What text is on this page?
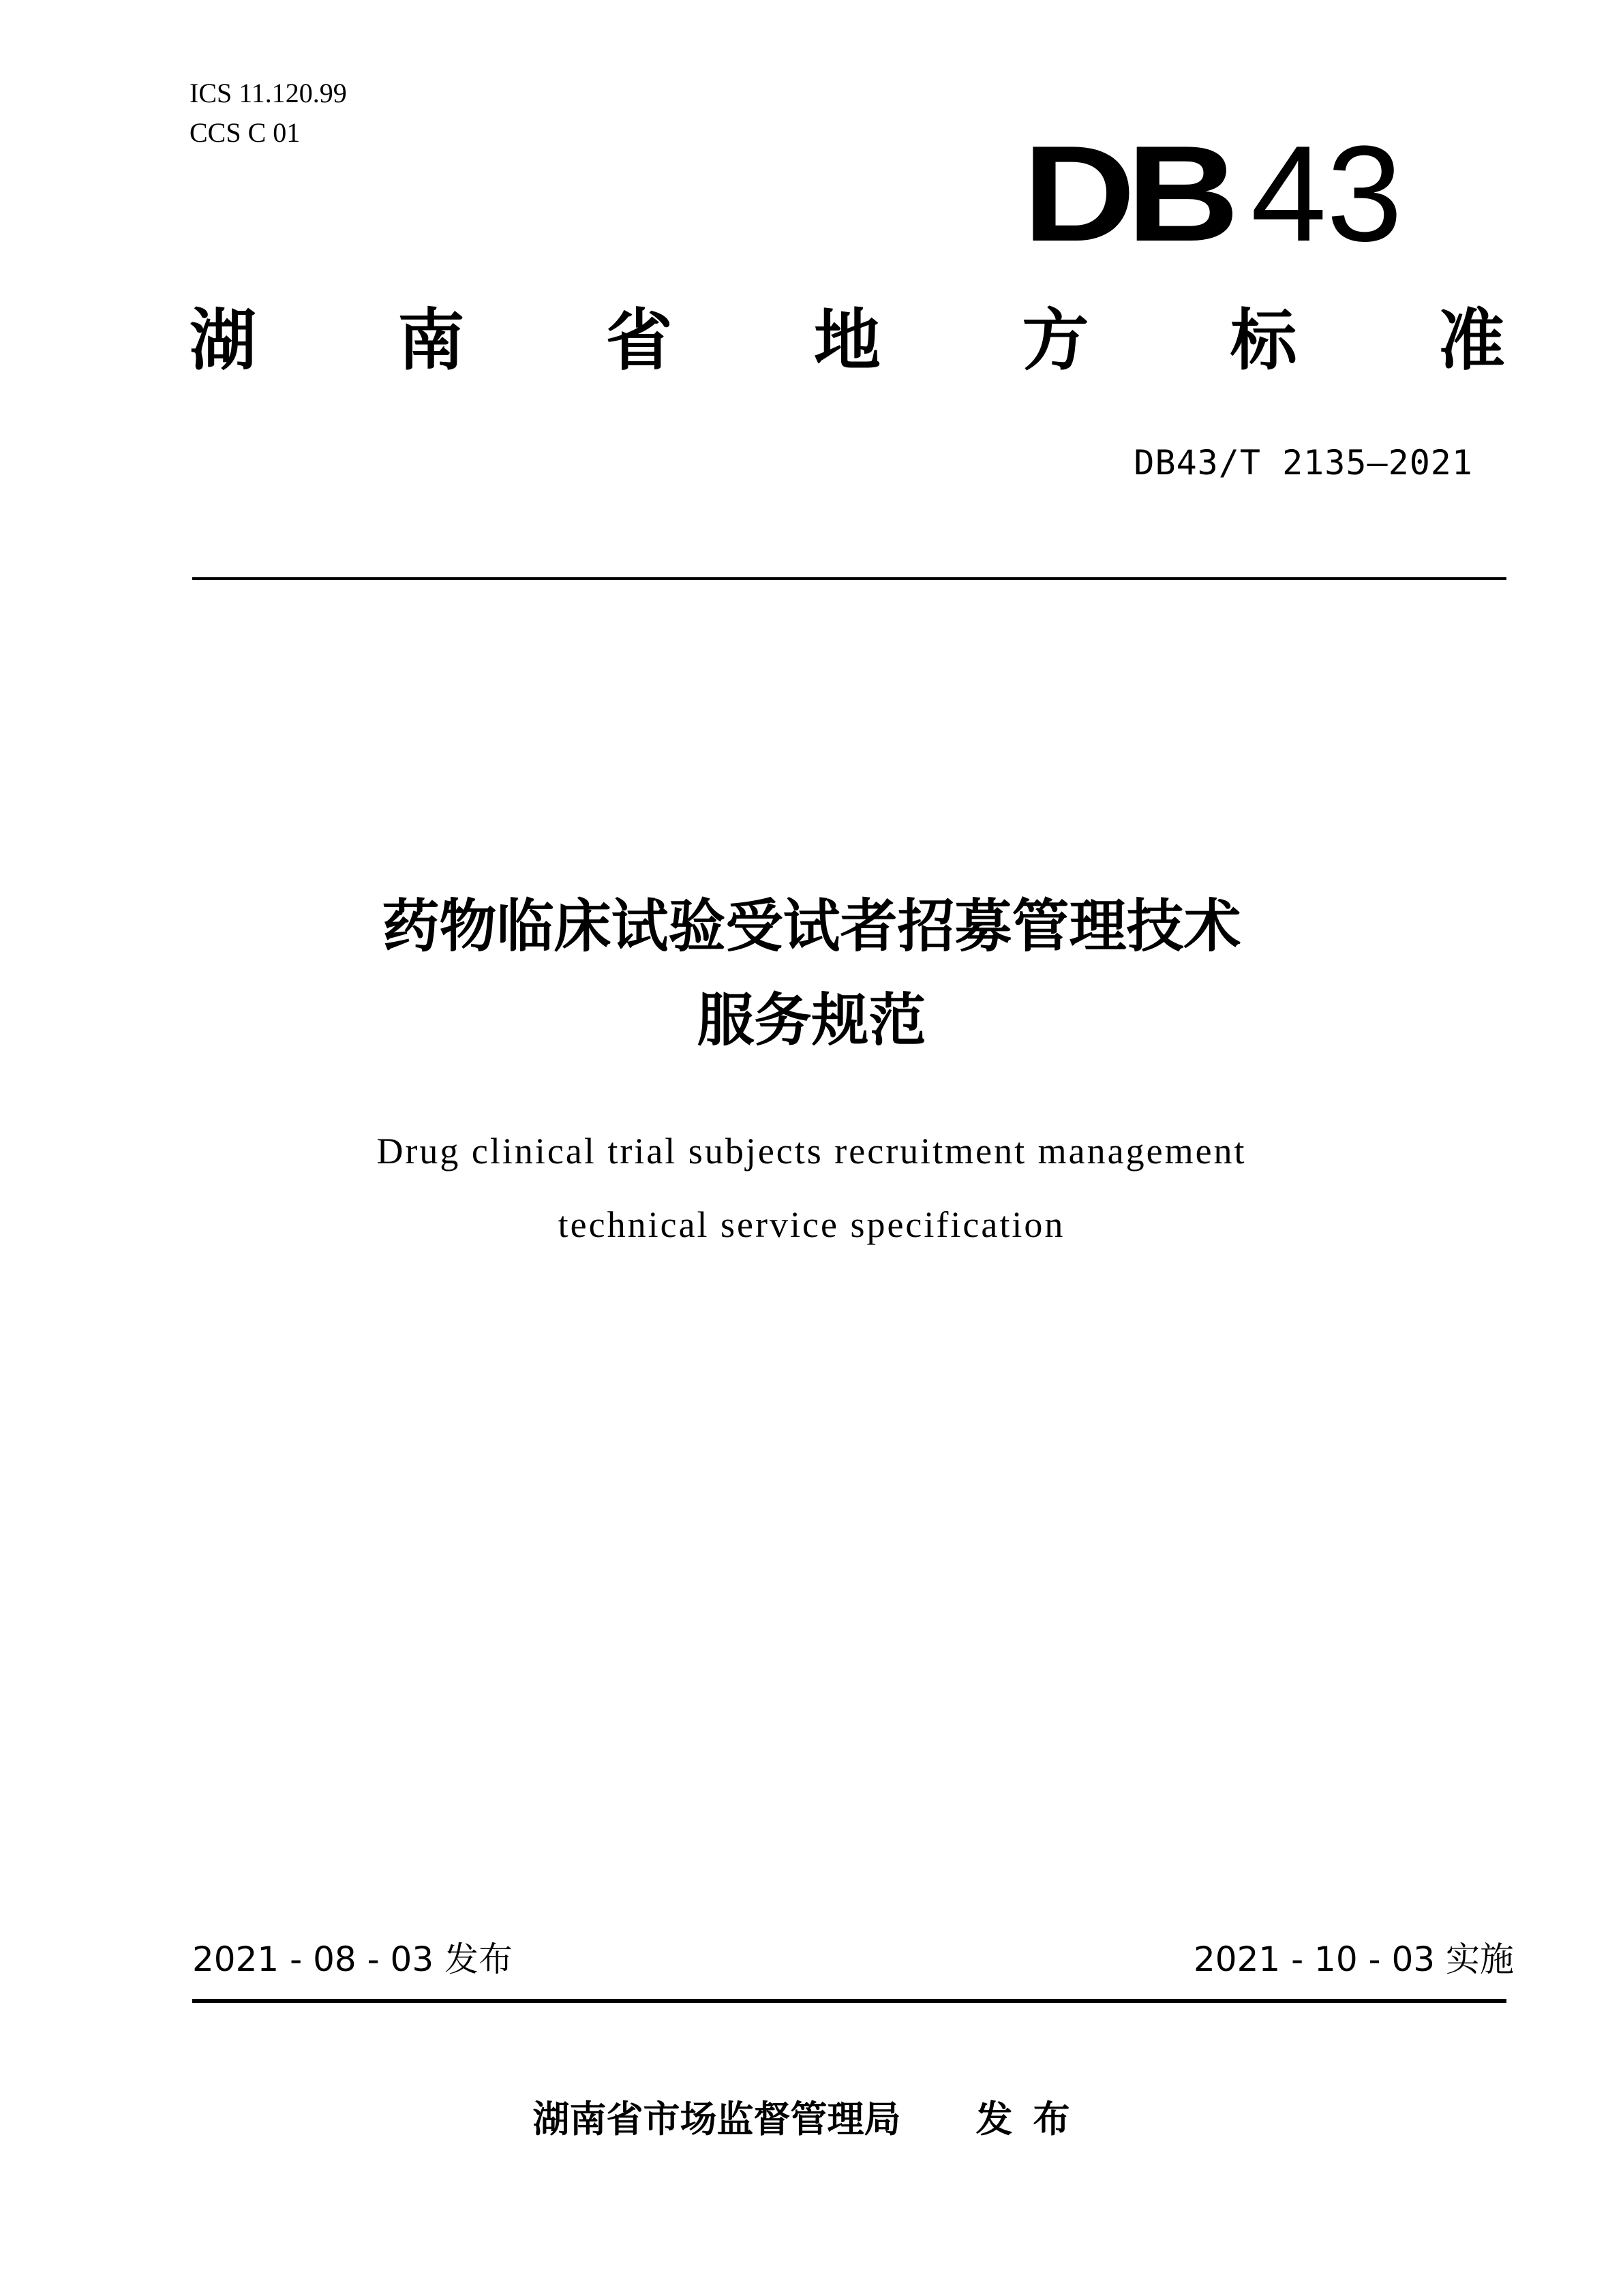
ICS 11.120.99
CCS C 01	DB 43
湖 南 省 地 方 标 准
DB43/T 2135—2021
药物临床试验受试者招募管理技术
服务规范
Drug clinical trial subjects recruitment management
technical service specification
2021 - 08 - 03 发布	2021 - 10 - 03 实施
湖南省市场监督管理局 发布
